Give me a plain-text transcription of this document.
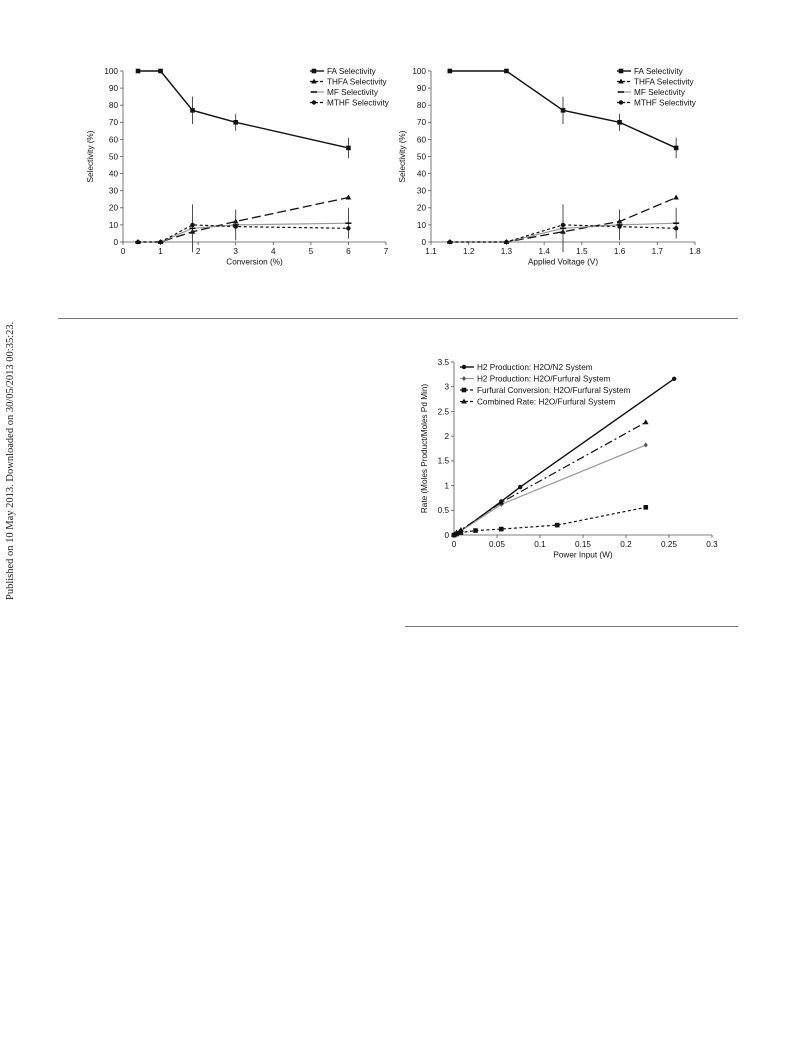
Published on 10 May 2013. Downloaded on 30/05/2013 00:35:23.
0	1	2	3	4	5	6	7
0
10
20
30
40
50
60
70
80
90
100
Conversion (%)
Selectivity (%)
FA Selectivity
THFA Selectivity
MF Selectivity
MTHF Selectivity
1.1	1.2	1.3	1.4	1.5	1.6	1.7	1.8
0
10
20
30
40
50
60
70
80
90
100
Applied Voltage (V)
Selectivity (%)
FA Selectivity
THFA Selectivity
MF Selectivity
MTHF Selectivity
0	0.05	0.1	0.15	0.2	0.25	0.3
0
0.5
1
1.5
2
2.5
3
3.5
Power Input (W)
Rate (Moles Product/Moles Pd Min)
H2 Production: H2O/N2 System
H2 Production: H2O/Furfural System
Furfural Conversion: H2O/Furfural System
Combined Rate: H2O/Furfural System
